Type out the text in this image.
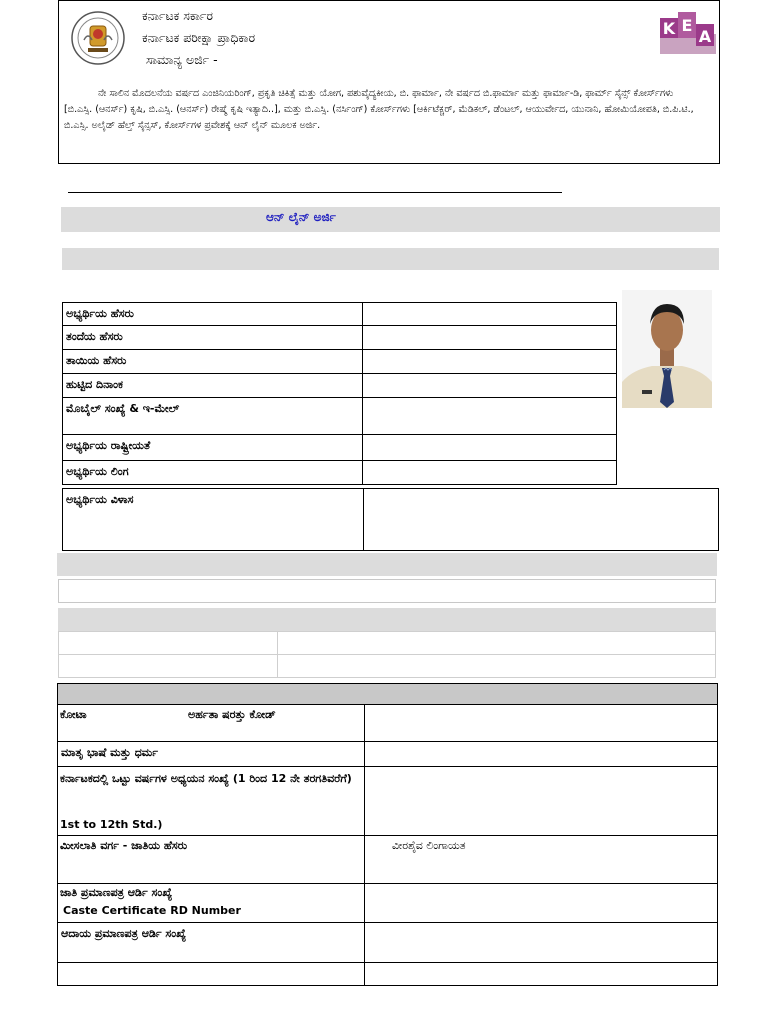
ಕರ್ನಾಟಕ ಸರ್ಕಾರ
ಕರ್ನಾಟಕ ಪರೀಕ್ಷಾ ಪ್ರಾಧಿಕಾರ
ಸಾಮಾನ್ಯ ಅರ್ಜಿ -
ನೇ ಸಾಲಿನ ಮೊದಲನೆಯ ವರ್ಷದ ಎಂಜಿನಿಯರಿಂಗ್, ಪ್ರಕೃತಿ ಚಿಕಿತ್ಸೆ ಮತ್ತು ಯೋಗ, ಪಶುವೈದ್ಯಕೀಯ, ಬಿ. ಫಾರ್ಮಾ, ನೇ ವರ್ಷದ ಬಿ.ಫಾರ್ಮಾ ಮತ್ತು ಫಾರ್ಮಾ-ಡಿ, ಫಾರ್ಮ್ ಸೈನ್ಸ್ ಕೋರ್ಸ್‌ಗಳು [ಬಿ.ಎಸ್ಸಿ. (ಆನರ್ಸ್) ಕೃಷಿ, ಬಿ.ಎಸ್ಸಿ. (ಆನರ್ಸ್) ರೇಷ್ಮೆ ಕೃಷಿ ಇತ್ಯಾದಿ..], ಮತ್ತು ಬಿ.ಎಸ್ಸಿ. (ನರ್ಸಿಂಗ್) ಕೋರ್ಸ್‌ಗಳು [ಆರ್ಕಿಟೆಕ್ಚರ್, ಮೆಡಿಕಲ್, ಡೆಂಟಲ್, ಆಯುರ್ವೇದ, ಯುನಾನಿ, ಹೋಮಿಯೋಪತಿ, ಬಿ.ಪಿ.ಟಿ., ಬಿ.ಎಸ್ಸಿ. ಅಲೈಡ್ ಹೆಲ್ತ್ ಸೈನ್ಸಸ್, ಕೋರ್ಸ್‌ಗಳ ಪ್ರವೇಶಕ್ಕೆ ಆನ್ ಲೈನ್ ಮೂಲಕ ಅರ್ಜಿ.
K E
A
ಆನ್ ಲೈನ್ ಅರ್ಜಿ
ಅಭ್ಯರ್ಥಿಯ ಹೆಸರು
ತಂದೆಯ ಹೆಸರು
ತಾಯಿಯ ಹೆಸರು
ಹುಟ್ಟಿದ ದಿನಾಂಕ
ಮೊಬೈಲ್ ಸಂಖ್ಯೆ & ಇ-ಮೇಲ್
ಅಭ್ಯರ್ಥಿಯ ರಾಷ್ಟ್ರೀಯತೆ
ಅಭ್ಯರ್ಥಿಯ ಲಿಂಗ
ಅಭ್ಯರ್ಥಿಯ ವಿಳಾಸ
ಕೋಟಾ	ಅರ್ಹತಾ ಷರತ್ತು ಕೋಡ್
ಮಾತೃ ಭಾಷೆ ಮತ್ತು ಧರ್ಮ
ಕರ್ನಾಟಕದಲ್ಲಿ ಒಟ್ಟು ವರ್ಷಗಳ ಅಧ್ಯಯನ ಸಂಖ್ಯೆ (1 ರಿಂದ 12 ನೇ ತರಗತಿವರೆಗೆ)
1st to 12th Std.)
ಮೀಸಲಾತಿ ವರ್ಗ - ಜಾತಿಯ ಹೆಸರು	ವೀರಶೈವ ಲಿಂಗಾಯತ
ಜಾತಿ ಪ್ರಮಾಣಪತ್ರ ಆರ್ಡಿ ಸಂಖ್ಯೆ
Caste Certificate RD Number
ಆದಾಯ ಪ್ರಮಾಣಪತ್ರ ಆರ್ಡಿ ಸಂಖ್ಯೆ
